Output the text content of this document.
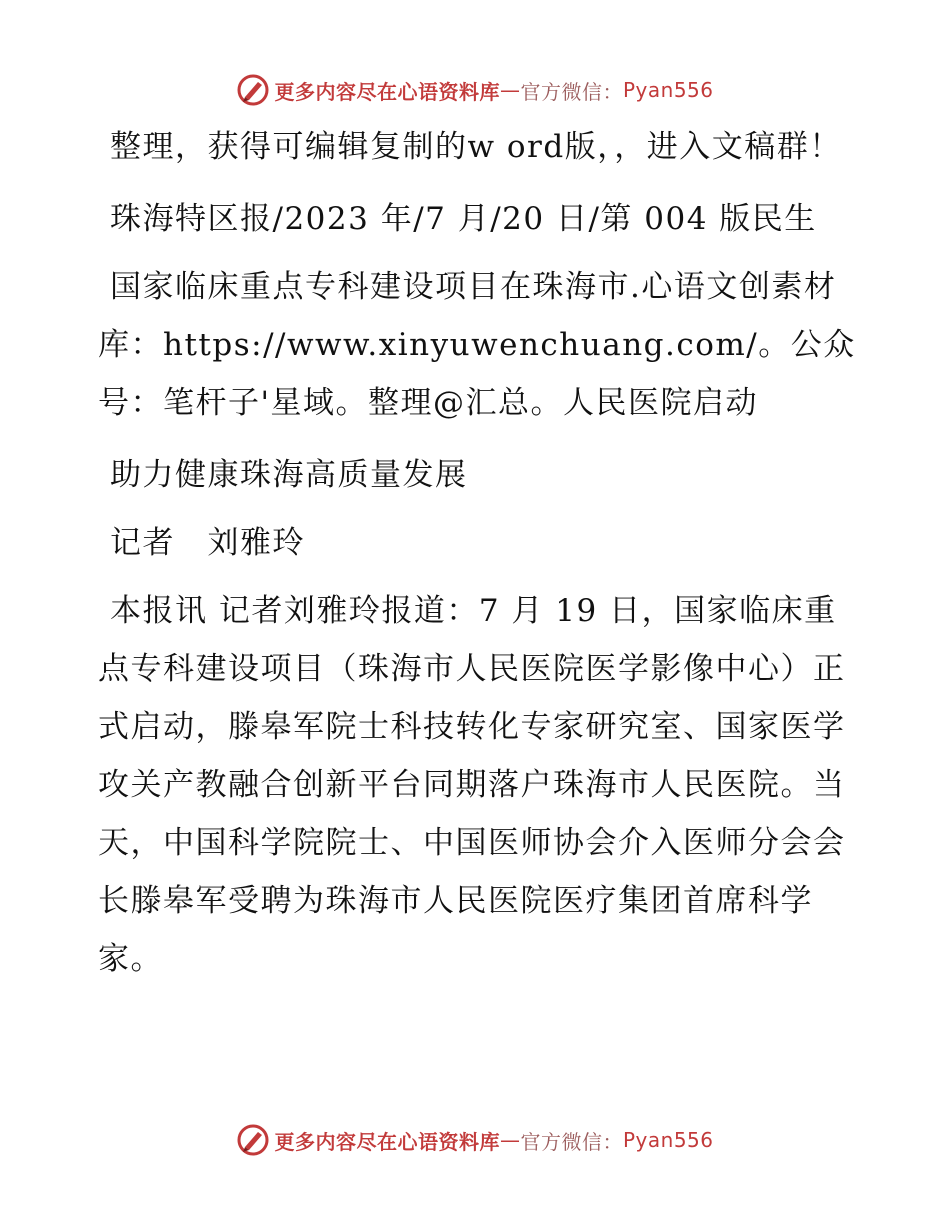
更多内容尽在心语资料库 — 官方微信： Pyan556

整理，获得可编辑复制的w ord版，，进入文稿群！

珠海特区报/2023 年/7 月/20 日/第 004 版民生

国家临床重点专科建设项目在珠海市.心语文创素材库：https://www.xinyuwenchuang.com/。公众号：笔杆子'星域。整理@汇总。人民医院启动

助力健康珠海高质量发展

记者　刘雅玲

本报讯 记者刘雅玲报道：7 月 19 日，国家临床重点专科建设项目（珠海市人民医院医学影像中心）正式启动，滕皋军院士科技转化专家研究室、国家医学攻关产教融合创新平台同期落户珠海市人民医院。当天，中国科学院院士、中国医师协会介入医师分会会长滕皋军受聘为珠海市人民医院医疗集团首席科学家。

更多内容尽在心语资料库 — 官方微信： Pyan556
